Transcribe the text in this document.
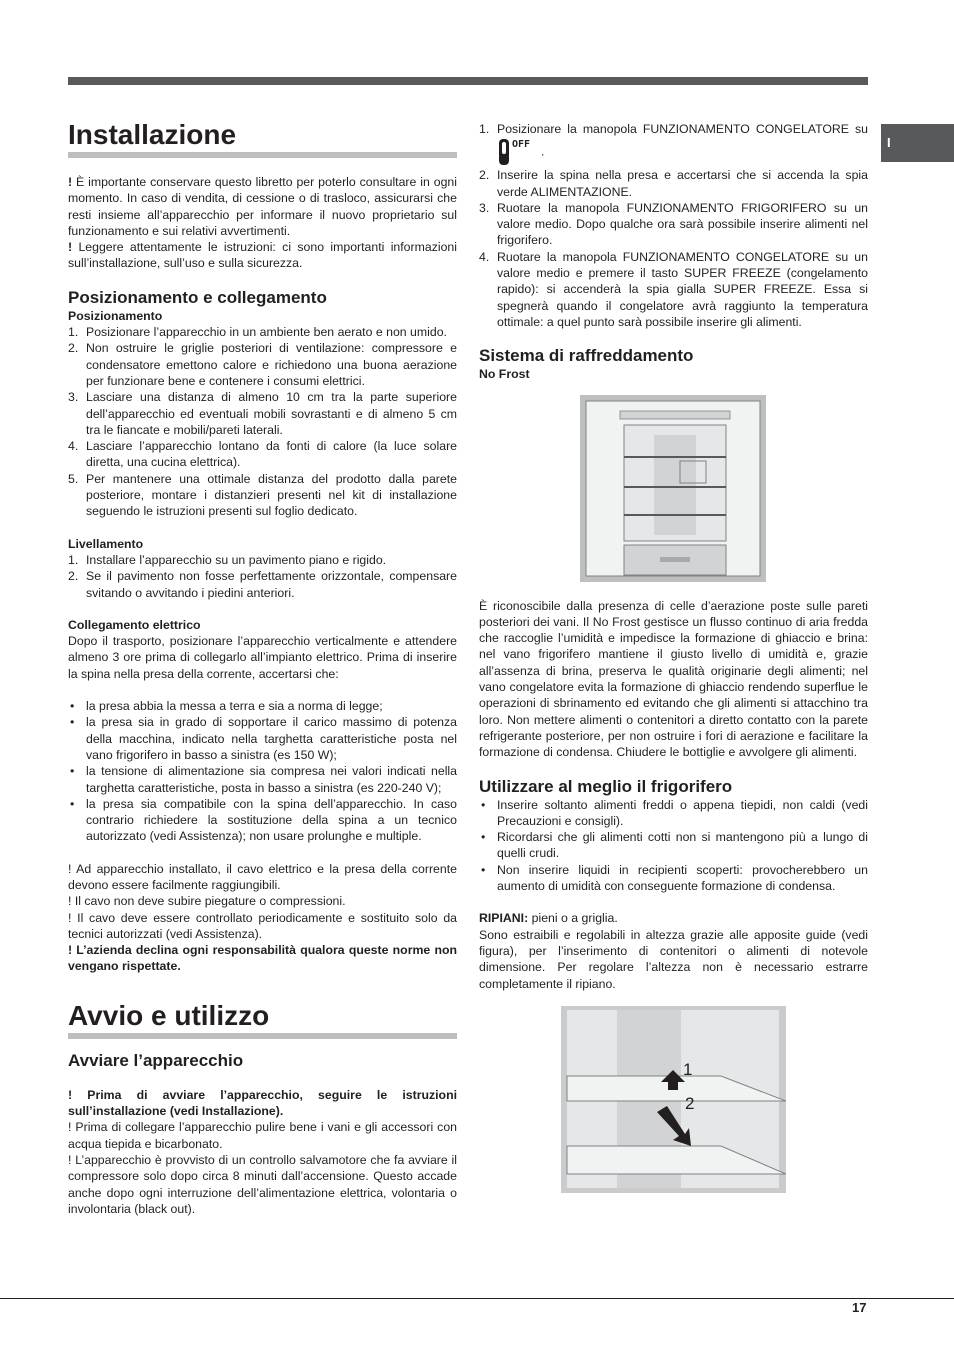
I
Installazione

! È importante conservare questo libretto per poterlo consultare in ogni momento. In caso di vendita, di cessione o di trasloco, assicurarsi che resti insieme all’apparecchio per informare il nuovo proprietario sul funzionamento e sui relativi avvertimenti.

! Leggere attentamente le istruzioni: ci sono importanti informazioni sull’installazione, sull’uso e sulla sicurezza.

Posizionamento e collegamento
Posizionamento
1. Posizionare l’apparecchio in un ambiente ben aerato e non umido.
2. Non ostruire le griglie posteriori di ventilazione: compressore e condensatore emettono calore e richiedono una buona aerazione per funzionare bene e contenere i consumi elettrici.
3. Lasciare una distanza di almeno 10 cm tra la parte superiore dell’apparecchio ed eventuali mobili sovrastanti e di almeno 5 cm tra le fiancate e mobili/pareti laterali.
4. Lasciare l’apparecchio lontano da fonti di calore (la luce solare diretta, una cucina elettrica).
5. Per mantenere una ottimale distanza del prodotto dalla parete posteriore, montare i distanzieri presenti nel kit di installazione seguendo le istruzioni presenti sul foglio dedicato.
Livellamento
1. Installare l’apparecchio su un pavimento piano e rigido.
2. Se il pavimento non fosse perfettamente orizzontale, compensare svitando o avvitando i piedini anteriori.
Collegamento elettrico

Dopo il trasporto, posizionare l’apparecchio verticalmente e attendere almeno 3 ore prima di collegarlo all’impianto elettrico. Prima di inserire la spina nella presa della corrente, accertarsi che:

• la presa abbia la messa a terra e sia a norma di legge;
• la presa sia in grado di sopportare il carico massimo di potenza della macchina, indicato nella targhetta caratteristiche posta nel vano frigorifero in basso a sinistra (es 150 W);
• la tensione di alimentazione sia compresa nei valori indicati nella targhetta caratteristiche, posta in basso a sinistra (es 220-240 V);
• la presa sia compatibile con la spina dell’apparecchio. In caso contrario richiedere la sostituzione della spina a un tecnico autorizzato (vedi Assistenza); non usare prolunghe e multiple.

! Ad apparecchio installato, il cavo elettrico e la presa della corrente devono essere facilmente raggiungibili.

! Il cavo non deve subire piegature o compressioni.

! Il cavo deve essere controllato periodicamente e sostituito solo da tecnici autorizzati (vedi Assistenza).

! L’azienda declina ogni responsabilità qualora queste norme non vengano rispettate.

Avvio e utilizzo
Avviare l’apparecchio

! Prima di avviare l’apparecchio, seguire le istruzioni sull’installazione (vedi Installazione).

! Prima di collegare l’apparecchio pulire bene i vani e gli accessori con acqua tiepida e bicarbonato.

! L’apparecchio è provvisto di un controllo salvamotore che fa avviare il compressore solo dopo circa 8 minuti dall’accensione. Questo accade anche dopo ogni interruzione dell’alimentazione elettrica, volontaria o involontaria (black out).

1. Posizionare la manopola FUNZIONAMENTO CONGELATORE su
OFF .
2. Inserire la spina nella presa e accertarsi che si accenda la spia verde ALIMENTAZIONE.
3. Ruotare la manopola FUNZIONAMENTO FRIGORIFERO su un valore medio. Dopo qualche ora sarà possibile inserire alimenti nel frigorifero.
4. Ruotare la manopola FUNZIONAMENTO CONGELATORE su un valore medio e premere il tasto SUPER FREEZE (congelamento rapido): si accenderà la spia gialla SUPER FREEZE. Essa si spegnerà quando il congelatore avrà raggiunto la temperatura ottimale: a quel punto sarà possibile inserire gli alimenti.
Sistema di raffreddamento
No Frost

È riconoscibile dalla presenza di celle d’aerazione poste sulle pareti posteriori dei vani. Il No Frost gestisce un flusso continuo di aria fredda che raccoglie l’umidità e impedisce la formazione di ghiaccio e brina: nel vano frigorifero mantiene il giusto livello di umidità e, grazie all’assenza di brina, preserva le qualità originarie degli alimenti; nel vano congelatore evita la formazione di ghiaccio rendendo superflue le operazioni di sbrinamento ed evitando che gli alimenti si attacchino tra loro. Non mettere alimenti o contenitori a diretto contatto con la parete refrigerante posteriore, per non ostruire i fori di aerazione e facilitare la formazione di condensa. Chiudere le bottiglie e avvolgere gli alimenti.

Utilizzare al meglio il frigorifero
• Inserire soltanto alimenti freddi o appena tiepidi, non caldi (vedi Precauzioni e consigli).
• Ricordarsi che gli alimenti cotti non si mantengono più a lungo di quelli crudi.
• Non inserire liquidi in recipienti scoperti: provocherebbero un aumento di umidità con conseguente formazione di condensa.

RIPIANI: pieni o a griglia.

Sono estraibili e regolabili in altezza grazie alle apposite guide (vedi figura), per l’inserimento di contenitori o alimenti di notevole dimensione. Per regolare l’altezza non è necessario estrarre completamente il ripiano.

1
2
17
